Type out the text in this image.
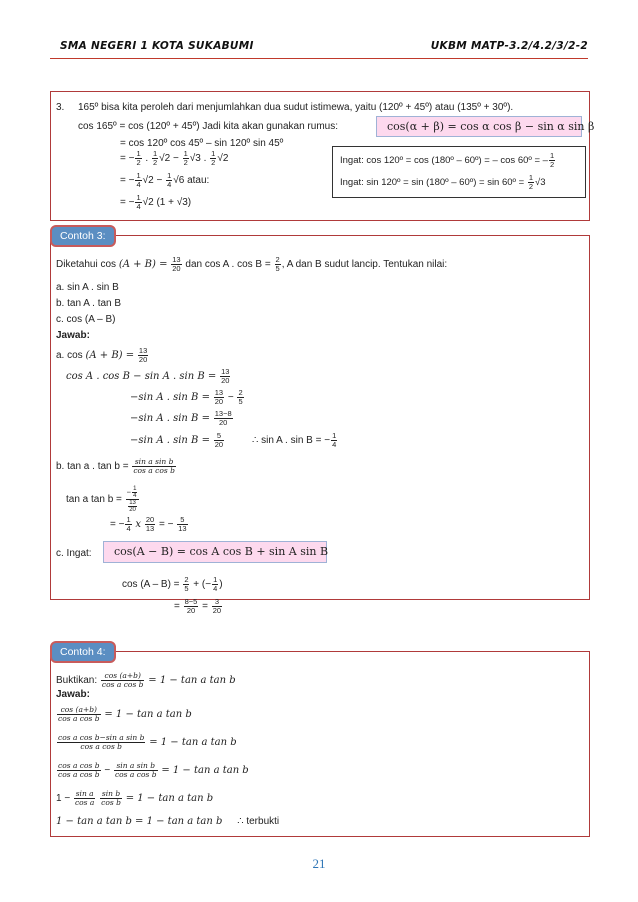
SMA NEGERI 1 KOTA SUKABUMI	UKBM MATP-3.2/4.2/3/2-2
3. 165º bisa kita peroleh dari menjumlahkan dua sudut istimewa, yaitu (120º + 45º) atau (135º + 30º).
cos 165º = cos (120º + 45º) Jadi kita akan gunakan rumus:	cos(α + β) = cos α cos β − sin α sin β
= cos 120º cos 45º – sin 120º sin 45º
= − $\frac{1}{2}$ . $\frac{1}{2} √2 - \frac{1}{2} √3$ . $\frac{1}{2} √2$
= − $\frac{1}{4} √2 - \frac{1}{4} √6$ atau:
= − $\frac{1}{4} √2$ (1 + √3)
Ingat: cos 120º = cos (180º – 60º) = – cos 60º = – $\frac{1}{2}$
Ingat: sin 120º = sin (180º – 60º) = sin 60º = $\frac{1}{2} √3$
Contoh 3:
Diketahui $\cos (A + B) = \frac{13}{20}$ dan cos A . $\cos B = \frac{2}{5}$ , A dan B sudut lancip. Tentukan nilai:
a. sin A . sin B
b. tan A . tan B
c. cos (A – B)
Jawab:
a. $\cos (A + B) = \frac{13}{20}$
cos A . cos B − sin A . $\sin B = \frac{13}{20}$
−sin A . $\sin B = \frac{13}{20} - \frac{2}{5}$
−sin A . $\sin B = \frac{13-8}{20}$
−sin A . $\sin B = \frac{5}{20}$	∴ sin A . sin B = − $\frac{1}{4}$
b. tan a . $\tan b = \frac{\text{sin a sin b}}{\text{cos a cos b}}$
tan a $\tan b = \frac{- \frac{1}{4}}{\frac{13}{20}}$
= − $\frac{1}{4}$ x $\frac{20}{13}$ = − $\frac{5}{13}$
c. Ingat:	cos(A − B) = cos A cos B + sin A sin B
$\cos (A - B) = \frac{2}{5}$ + (− $\frac{1}{4}$ )
= $\frac{8-5}{20} = \frac{3}{20}$
Contoh 4:
Buktikan: $\frac{\cos (a+b)}{\text{cos a cos b}} = 1 - \tan a$ tan b
Jawab:
$\frac{\cos (a+b)}{\text{cos a cos b}} = 1 - \tan a$ tan b
$\frac{\text{cos a cos b−sin a sin b}}{\text{cos a cos b}} = 1 - \tan a$ tan b
$\frac{\text{cos a cos b}}{\text{cos a cos b}} - \frac{\text{sin a sin b}}{\text{cos a cos b}} = 1 - \tan a$ tan b
$1 - \frac{\text{sin a}}{\text{cos a}}$
$\frac{\text{sin b}}{\text{cos b}} = 1 - \tan a$ tan b
1 − tan a tan b = 1 − tan a tan b ∴ terbukti
21
